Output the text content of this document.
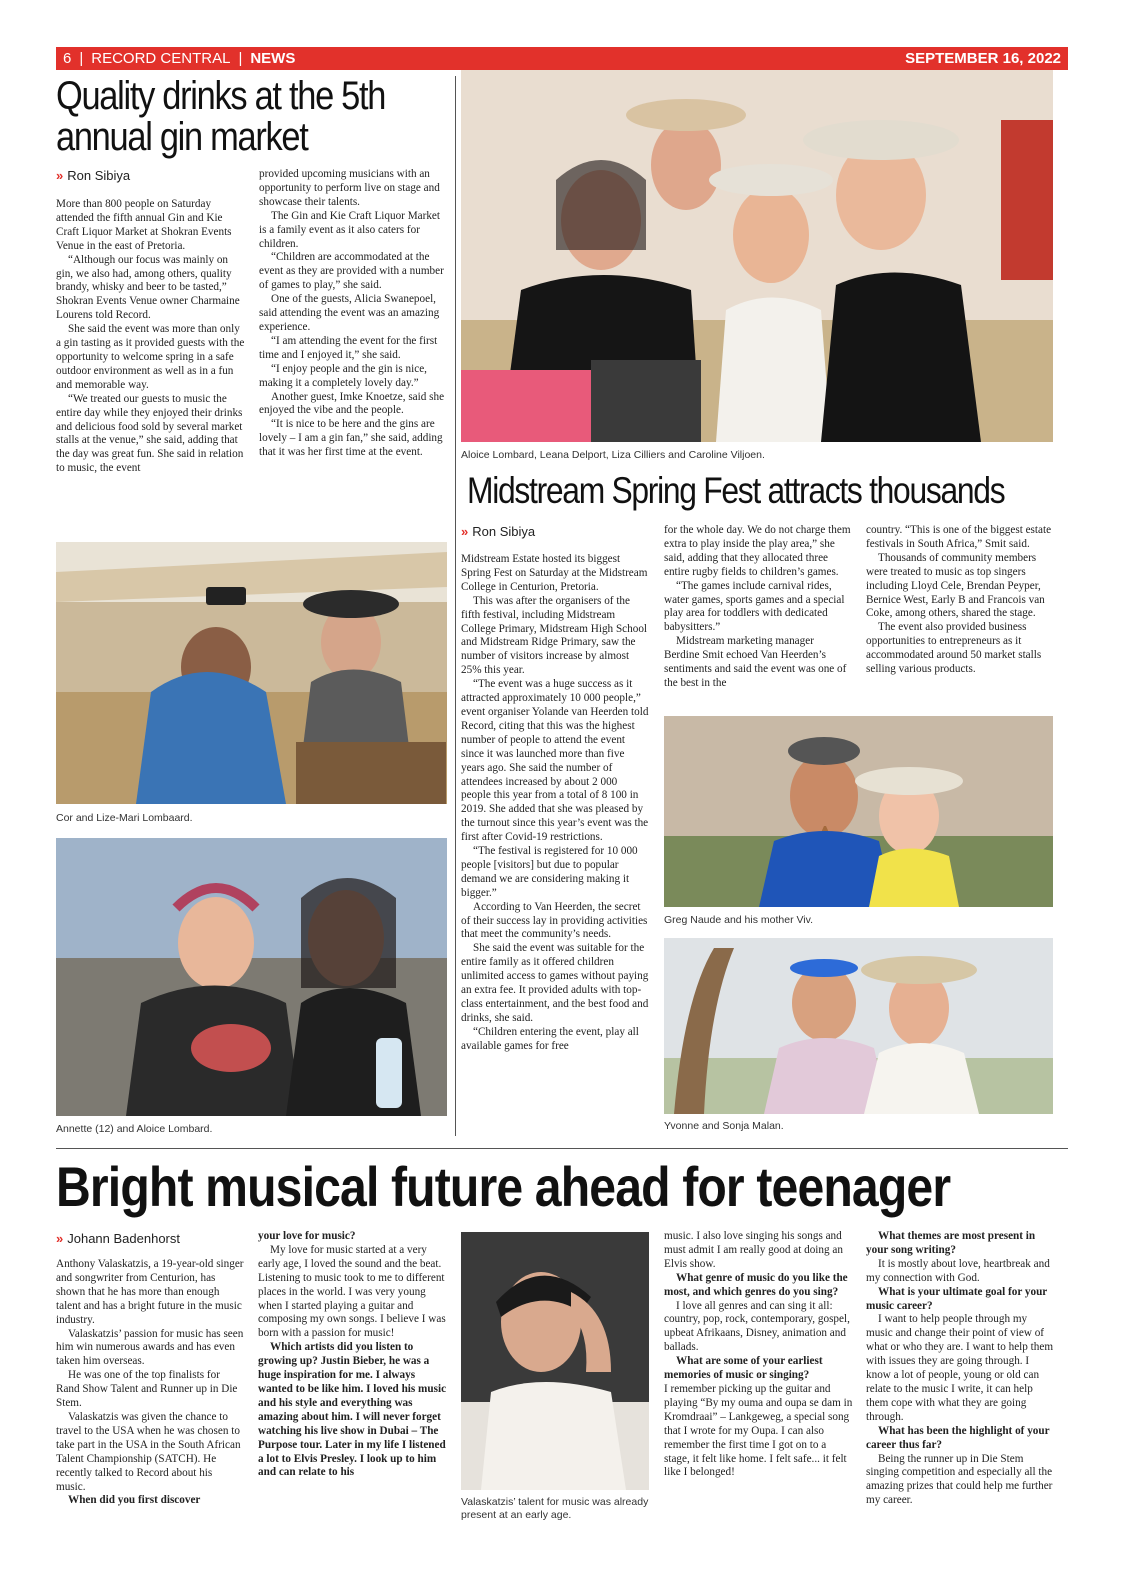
6 | RECORD CENTRAL | NEWS	SEPTEMBER 16, 2022
Quality drinks at the 5th annual gin market
» Ron Sibiya

More than 800 people on Saturday attended the fifth annual Gin and Kie Craft Liquor Market at Shokran Events Venue in the east of Pretoria.

“Although our focus was mainly on gin, we also had, among others, quality brandy, whisky and beer to be tasted,” Shokran Events Venue owner Charmaine Lourens told Record.

She said the event was more than only a gin tasting as it provided guests with the opportunity to welcome spring in a safe outdoor environment as well as in a fun and memorable way.

“We treated our guests to music the entire day while they enjoyed their drinks and delicious food sold by several market stalls at the venue,” she said, adding that the day was great fun. She said in relation to music, the event

provided upcoming musicians with an opportunity to perform live on stage and showcase their talents.

The Gin and Kie Craft Liquor Market is a family event as it also caters for children.

“Children are accommodated at the event as they are provided with a number of games to play,” she said.

One of the guests, Alicia Swanepoel, said attending the event was an amazing experience.

“I am attending the event for the first time and I enjoyed it,” she said.

“I enjoy people and the gin is nice, making it a completely lovely day.”

Another guest, Imke Knoetze, said she enjoyed the vibe and the people.

“It is nice to be here and the gins are lovely – I am a gin fan,” she said, adding that it was her first time at the event.

Cor and Lize-Mari Lombaard.
Annette (12) and Aloice Lombard.
Aloice Lombard, Leana Delport, Liza Cilliers and Caroline Viljoen.
Midstream Spring Fest attracts thousands
» Ron Sibiya

Midstream Estate hosted its biggest Spring Fest on Saturday at the Midstream College in Centurion, Pretoria.

This was after the organisers of the fifth festival, including Midstream College Primary, Midstream High School and Midstream Ridge Primary, saw the number of visitors increase by almost 25% this year.

“The event was a huge success as it attracted approximately 10 000 people,” event organiser Yolande van Heerden told Record, citing that this was the highest number of people to attend the event since it was launched more than five years ago. She said the number of attendees increased by about 2 000 people this year from a total of 8 100 in 2019. She added that she was pleased by the turnout since this year’s event was the first after Covid-19 restrictions.

“The festival is registered for 10 000 people [visitors] but due to popular demand we are considering making it bigger.”

According to Van Heerden, the secret of their success lay in providing activities that meet the community’s needs.

She said the event was suitable for the entire family as it offered children unlimited access to games without paying an extra fee. It provided adults with top-class entertainment, and the best food and drinks, she said.

“Children entering the event, play all available games for free

for the whole day. We do not charge them extra to play inside the play area,” she said, adding that they allocated three entire rugby fields to children’s games.

“The games include carnival rides, water games, sports games and a special play area for toddlers with dedicated babysitters.”

Midstream marketing manager Berdine Smit echoed Van Heerden’s sentiments and said the event was one of the best in the

country. “This is one of the biggest estate festivals in South Africa,” Smit said.

Thousands of community members were treated to music as top singers including Lloyd Cele, Brendan Peyper, Bernice West, Early B and Francois van Coke, among others, shared the stage.

The event also provided business opportunities to entrepreneurs as it accommodated around 50 market stalls selling various products.

Greg Naude and his mother Viv.
Yvonne and Sonja Malan.
Bright musical future ahead for teenager
» Johann Badenhorst

Anthony Valaskatzis, a 19-year-old singer and songwriter from Centurion, has shown that he has more than enough talent and has a bright future in the music industry.

Valaskatzis’ passion for music has seen him win numerous awards and has even taken him overseas.

He was one of the top finalists for Rand Show Talent and Runner up in Die Stem.

Valaskatzis was given the chance to travel to the USA when he was chosen to take part in the USA in the South African Talent Championship (SATCH). He recently talked to Record about his music.

When did you first discover

your love for music?

My love for music started at a very early age, I loved the sound and the beat. Listening to music took to me to different places in the world. I was very young when I started playing a guitar and composing my own songs. I believe I was born with a passion for music!

Which artists did you listen to growing up? Justin Bieber, he was a huge inspiration for me. I always wanted to be like him. I loved his music and his style and everything was amazing about him. I will never forget watching his live show in Dubai – The Purpose tour. Later in my life I listened a lot to Elvis Presley. I look up to him and can relate to his

Valaskatzis’ talent for music was already present at an early age.

music. I also love singing his songs and must admit I am really good at doing an Elvis show.

What genre of music do you like the most, and which genres do you sing?

I love all genres and can sing it all: country, pop, rock, contemporary, gospel, upbeat Afrikaans, Disney, animation and ballads.

What are some of your earliest memories of music or singing?

I remember picking up the guitar and playing “By my ouma and oupa se dam in Kromdraai” – Lankgeweg, a special song that I wrote for my Oupa. I can also remember the first time I got on to a stage, it felt like home. I felt safe... it felt like I belonged!

What themes are most present in your song writing?

It is mostly about love, heartbreak and my connection with God.

What is your ultimate goal for your music career?

I want to help people through my music and change their point of view of what or who they are. I want to help them with issues they are going through. I know a lot of people, young or old can relate to the music I write, it can help them cope with what they are going through.

What has been the highlight of your career thus far?

Being the runner up in Die Stem singing competition and especially all the amazing prizes that could help me further my career.
